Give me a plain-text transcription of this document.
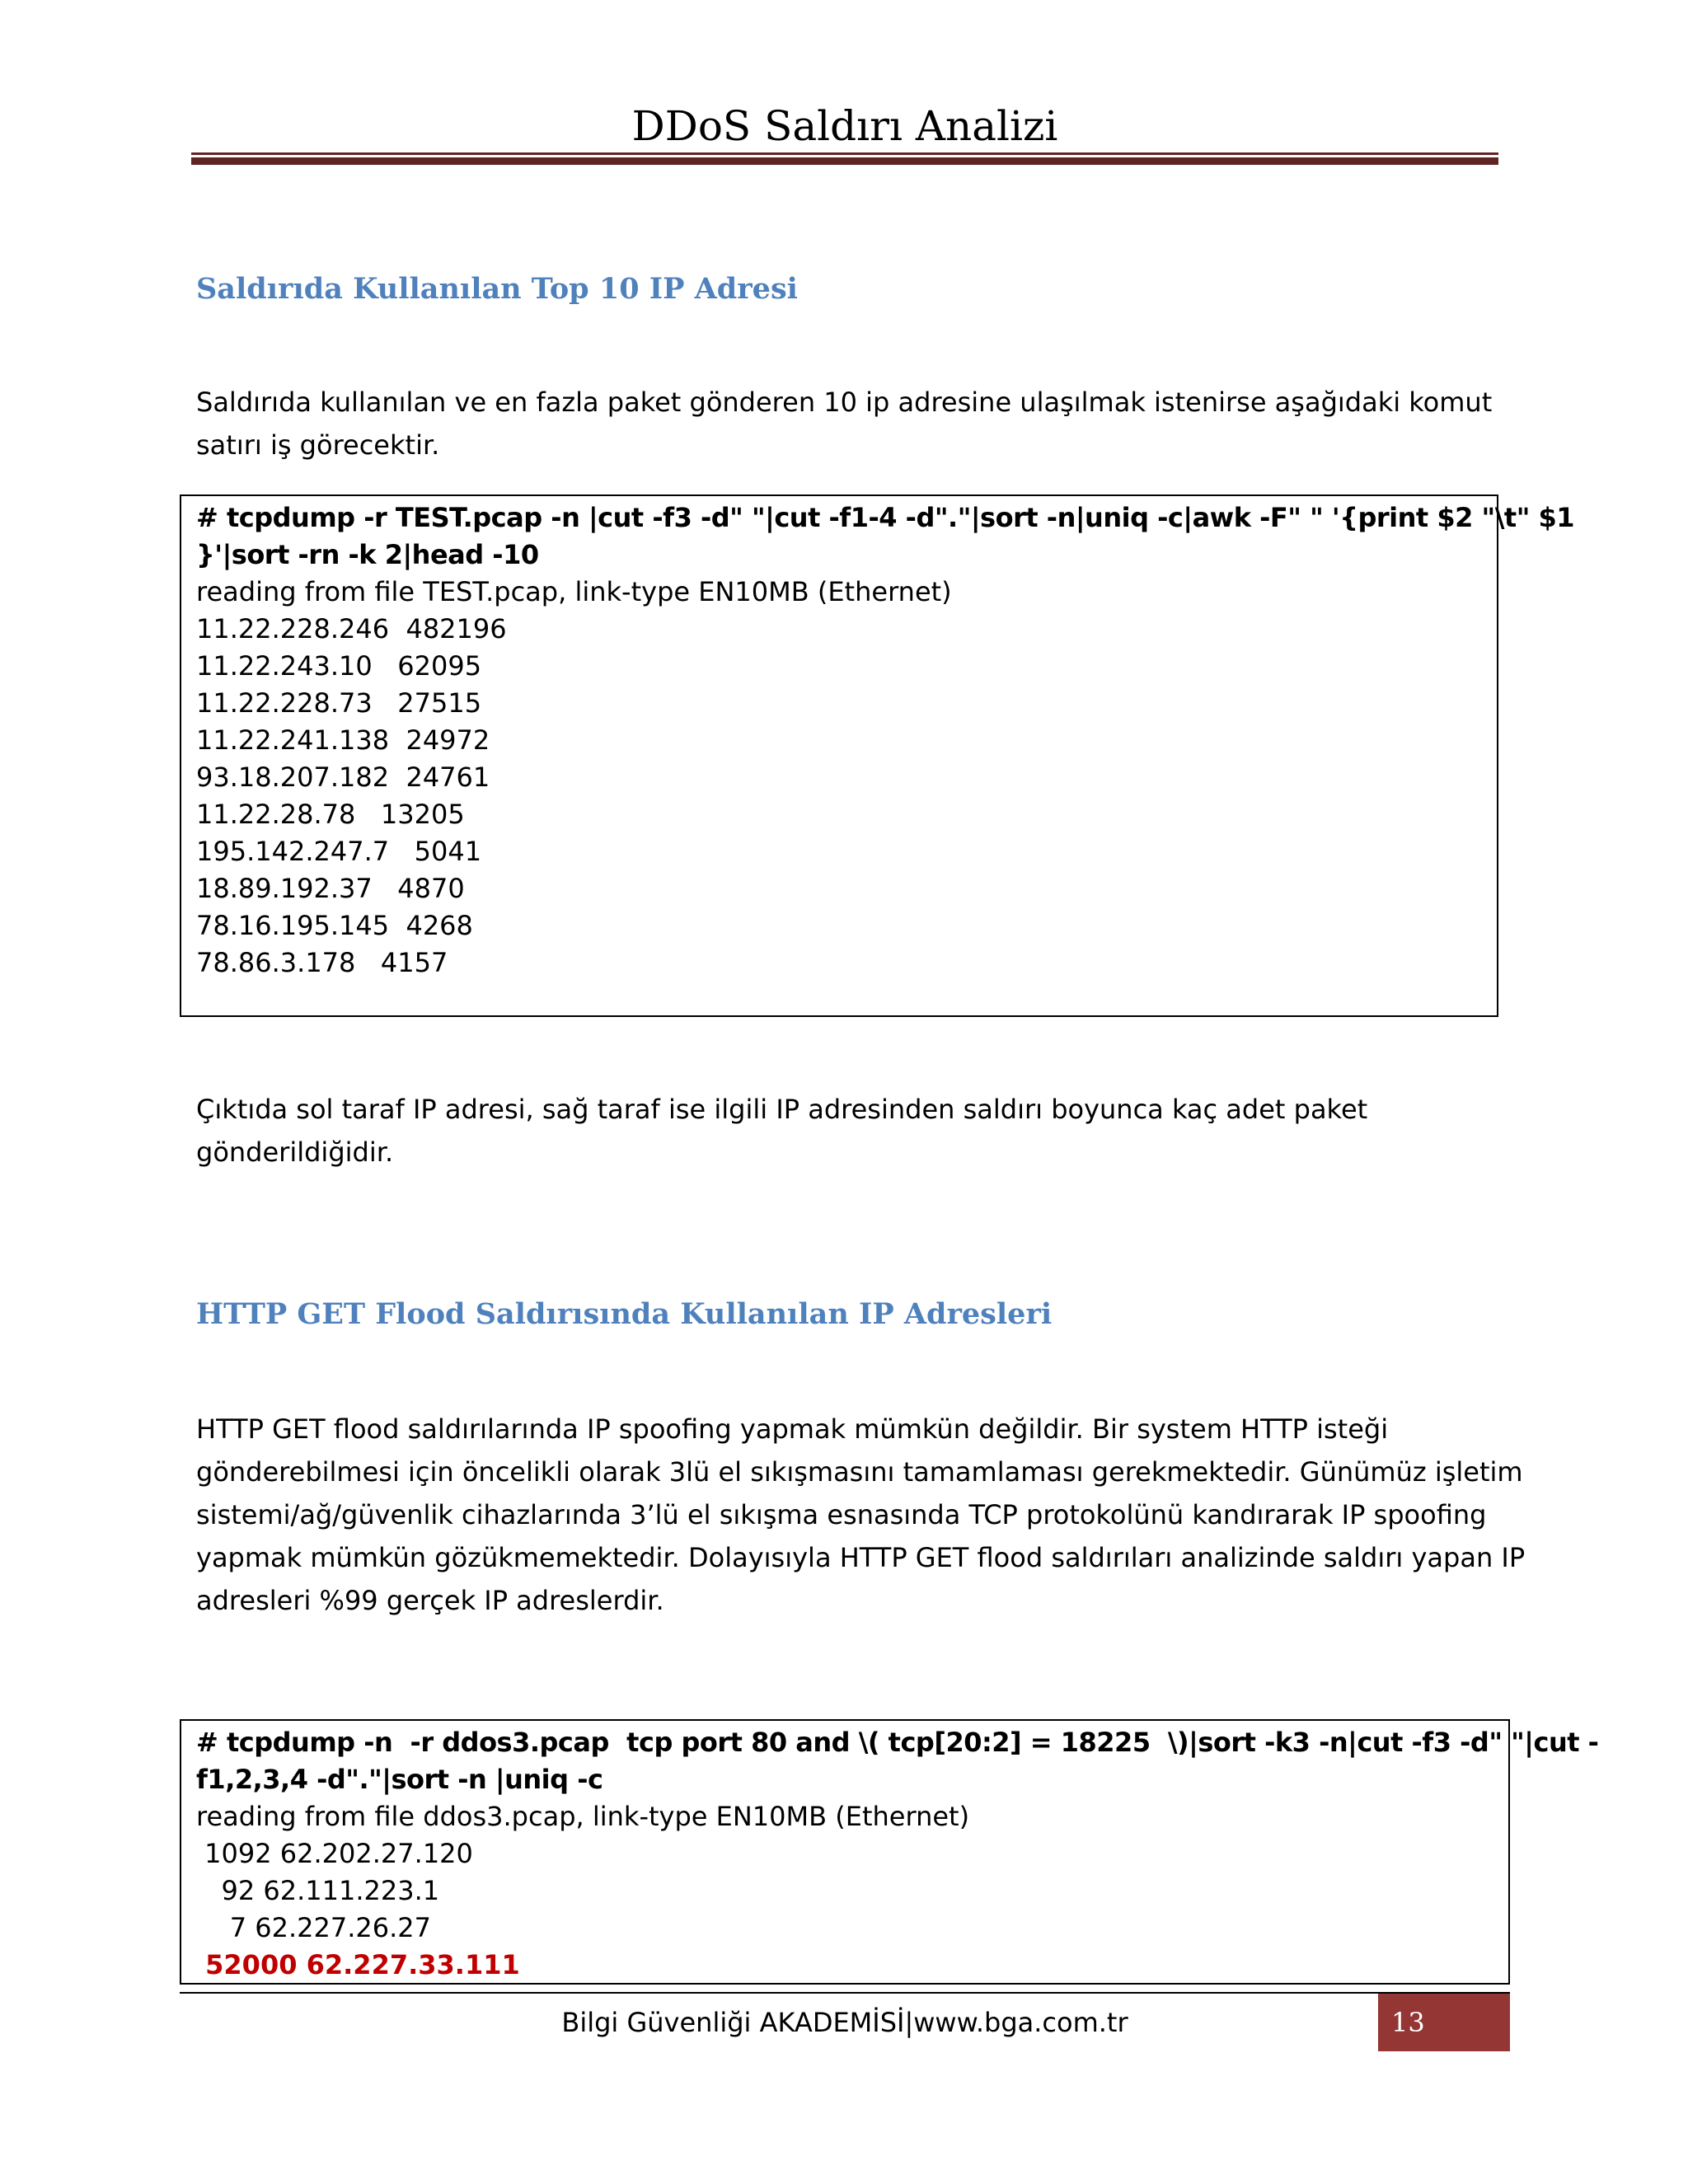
DDoS Saldırı Analizi
Saldırıda Kullanılan Top 10 IP Adresi
Saldırıda kullanılan ve en fazla paket gönderen 10 ip adresine ulaşılmak istenirse aşağıdaki komut satırı iş görecektir.
# tcpdump -r TEST.pcap -n |cut -f3 -d" "|cut -f1-4 -d"."|sort -n|uniq -c|awk -F" " '{print $2 "\t" $1
}'|sort -rn -k 2|head -10
reading from file TEST.pcap, link-type EN10MB (Ethernet)
11.22.228.246  482196
11.22.243.10   62095
11.22.228.73   27515
11.22.241.138  24972
93.18.207.182  24761
11.22.28.78   13205
195.142.247.7   5041
18.89.192.37   4870
78.16.195.145  4268
78.86.3.178   4157
Çıktıda sol taraf IP adresi, sağ taraf ise ilgili IP adresinden saldırı boyunca kaç adet paket gönderildiğidir.
HTTP GET Flood Saldırısında Kullanılan IP Adresleri
HTTP GET flood saldırılarında IP spoofing yapmak mümkün değildir. Bir system HTTP isteği
gönderebilmesi için öncelikli olarak 3lü el sıkışmasını tamamlaması gerekmektedir. Günümüz işletim
sistemi/ağ/güvenlik cihazlarında 3’lü el sıkışma esnasında TCP protokolünü kandırarak IP spoofing
yapmak mümkün gözükmemektedir. Dolayısıyla HTTP GET flood saldırıları analizinde saldırı yapan IP
adresleri %99 gerçek IP adreslerdir.
# tcpdump -n  -r ddos3.pcap  tcp port 80 and \( tcp[20:2] = 18225  \)|sort -k3 -n|cut -f3 -d" "|cut -
f1,2,3,4 -d"."|sort -n |uniq -c
reading from file ddos3.pcap, link-type EN10MB (Ethernet)
1092 62.202.27.120
92 62.111.223.1
7 62.227.26.27
52000 62.227.33.111
Bilgi Güvenliği AKADEMİSİ|www.bga.com.tr	13
